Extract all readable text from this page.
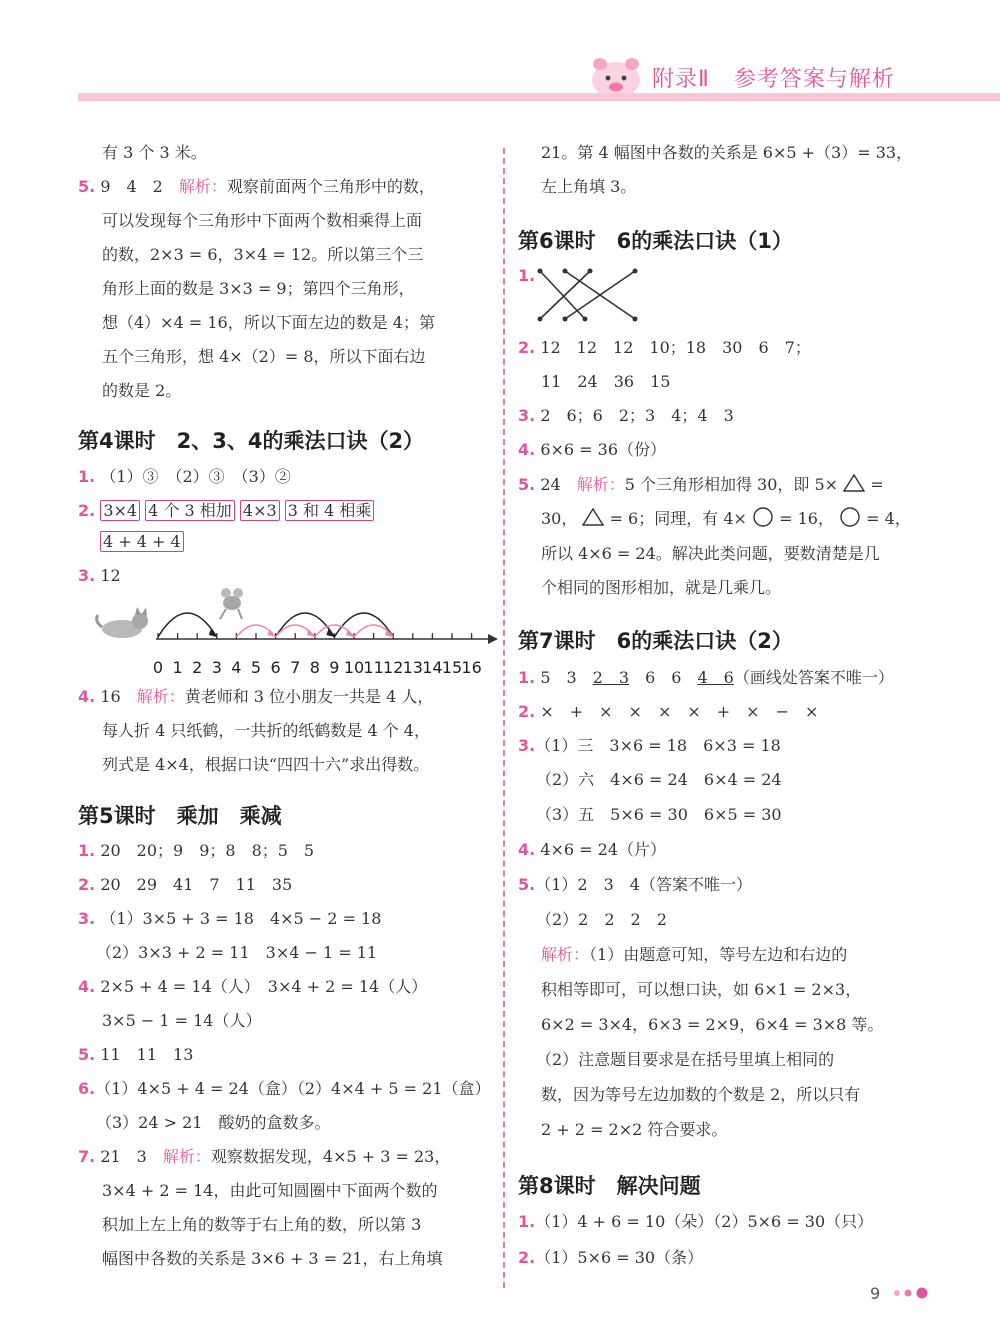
附录Ⅱ 参考答案与解析
有 3 个 3 米。
5. 9　4　2　 解析：观察前面两个三角形中的数，
可以发现每个三角形中下面两个数相乘得上面
的数，2×3 = 6，3×4 = 12。所以第三个三
角形上面的数是 3×3 = 9；第四个三角形，
想（4）×4 = 16，所以下面左边的数是 4；第
五个三角形，想 4×（2）= 8，所以下面右边
的数是 2。
第4课时　2、3、4的乘法口诀（2）
1. （1）③　（2）③　（3）②
2. 3×4 4 个 3 相加 4×3 3 和 4 相乘
4 + 4 + 4
3. 12
0 1 2 3 4 5 6 7 8 9 10 11 12 13 14 15 16
4. 16　 解析：黄老师和 3 位小朋友一共是 4 人，
每人折 4 只纸鹤，一共折的纸鹤数是 4 个 4，
列式是 4×4，根据口诀“四四十六”求出得数。
第5课时　乘加　乘减
1. 20　20；9　9；8　8；5　5
2. 20　29　41　7　11　35
3. （1）3×5 + 3 = 18　4×5 − 2 = 18
（2）3×3 + 2 = 11　3×4 − 1 = 11
4. 2×5 + 4 = 14（人）　3×4 + 2 = 14（人）
3×5 − 1 = 14（人）
5. 11　11　13
6.（1）4×5 + 4 = 24（盒）（2）4×4 + 5 = 21（盒）
（3）24 > 21　酸奶的盒数多。
7. 21　3　 解析：观察数据发现，4×5 + 3 = 23，
3×4 + 2 = 14，由此可知圆圈中下面两个数的
积加上左上角的数等于右上角的数，所以第 3
幅图中各数的关系是 3×6 + 3 = 21，右上角填
21。第 4 幅图中各数的关系是 6×5 +（3）= 33，
左上角填 3。
第6课时　6的乘法口诀（1）
1.
2. 12　12　12　10；18　30　6　7；
11　24　36　15
3. 2　6；6　2；3　4；4　3
4. 6×6 = 36（份）
5. 24　 解析：5 个三角形相加得 30，即 5× =
30， = 6；同理，有 4× = 16， = 4，
所以 4×6 = 24。解决此类问题，要数清楚是几
个相同的图形相加，就是几乘几。
第7课时　6的乘法口诀（2）
1. 5　3　2　3　6　6　4　6（画线处答案不唯一）
2. ×　+　×　×　×　×　+　×　−　×
3.（1）三　3×6 = 18　6×3 = 18
（2）六　4×6 = 24　6×4 = 24
（3）五　5×6 = 30　6×5 = 30
4. 4×6 = 24（片）
5.（1）2　3　4（答案不唯一）
（2）2　2　2　2
解析：（1）由题意可知，等号左边和右边的
积相等即可，可以想口诀，如 6×1 = 2×3，
6×2 = 3×4，6×3 = 2×9，6×4 = 3×8 等。
（2）注意题目要求是在括号里填上相同的
数，因为等号左边加数的个数是 2，所以只有
2 + 2 = 2×2 符合要求。
第8课时　解决问题
1.（1）4 + 6 = 10（朵）（2）5×6 = 30（只）
2.（1）5×6 = 30（条）
9
